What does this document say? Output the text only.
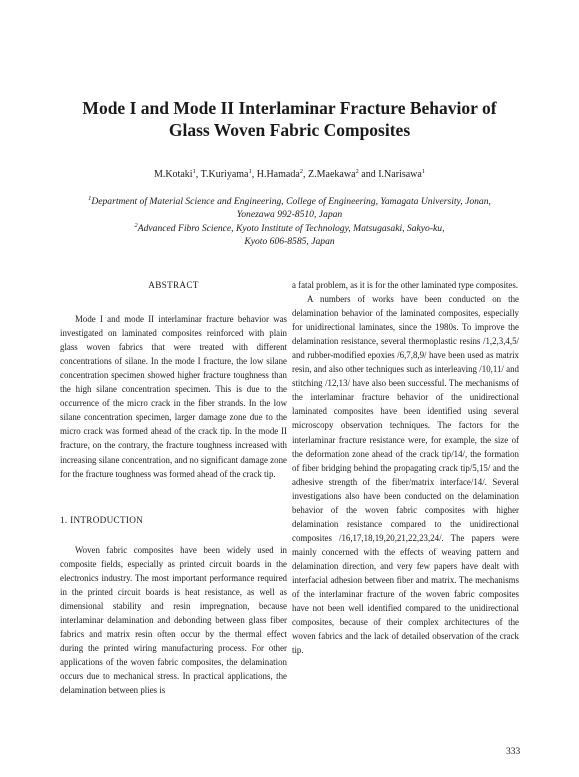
Mode I and Mode II Interlaminar Fracture Behavior of
Glass Woven Fabric Composites
M.Kotaki$^1$, T.Kuriyama$^1$, H.Hamada$^2$, Z.Maekawa$^2$ and I.Narisawa$^1$
$^1$Department of Material Science and Engineering, College of Engineering, Yamagata University, Jonan,
Yonezawa 992-8510, Japan
$^2$Advanced Fibro Science, Kyoto Institute of Technology, Matsugasaki, Sakyo-ku,
Kyoto 606-8585, Japan
ABSTRACT

Mode I and mode II interlaminar fracture behavior was investigated on laminated composites reinforced with plain glass woven fabrics that were treated with different concentrations of silane. In the mode I fracture, the low silane concentration specimen showed higher fracture toughness than the high silane concentration specimen. This is due to the occurrence of the micro crack in the fiber strands. In the low silane concentration specimen, larger damage zone due to the micro crack was formed ahead of the crack tip. In the mode II fracture, on the contrary, the fracture toughness increased with increasing silane concentration, and no significant damage zone for the fracture toughness was formed ahead of the crack tip.

1. INTRODUCTION

Woven fabric composites have been widely used in composite fields, especially as printed circuit boards in the electronics industry. The most important performance required in the printed circuit boards is heat resistance, as well as dimensional stability and resin impregnation, because interlaminar delamination and debonding between glass fiber fabrics and matrix resin often occur by the thermal effect during the printed wiring manufacturing process. For other applications of the woven fabric composites, the delamination occurs due to mechanical stress. In practical applications, the delamination between plies is

a fatal problem, as it is for the other laminated type composites.

A numbers of works have been conducted on the delamination behavior of the laminated composites, especially for unidirectional laminates, since the 1980s. To improve the delamination resistance, several thermoplastic resins /1,2,3,4,5/ and rubber-modified epoxies /6,7,8,9/ have been used as matrix resin, and also other techniques such as interleaving /10,11/ and stitching /12,13/ have also been successful. The mechanisms of the interlaminar fracture behavior of the unidirectional laminated composites have been identified using several microscopy observation techniques. The factors for the interlaminar fracture resistance were, for example, the size of the deformation zone ahead of the crack tip/14/, the formation of fiber bridging behind the propagating crack tip/5,15/ and the adhesive strength of the fiber/matrix interface/14/. Several investigations also have been conducted on the delamination behavior of the woven fabric composites with higher delamination resistance compared to the unidirectional composites /16,17,18,19,20,21,22,23,24/. The papers were mainly concerned with the effects of weaving pattern and delamination direction, and very few papers have dealt with interfacial adhesion between fiber and matrix. The mechanisms of the interlaminar fracture of the woven fabric composites have not been well identified compared to the unidirectional composites, because of their complex architectures of the woven fabrics and the lack of detailed observation of the crack tip.

333
